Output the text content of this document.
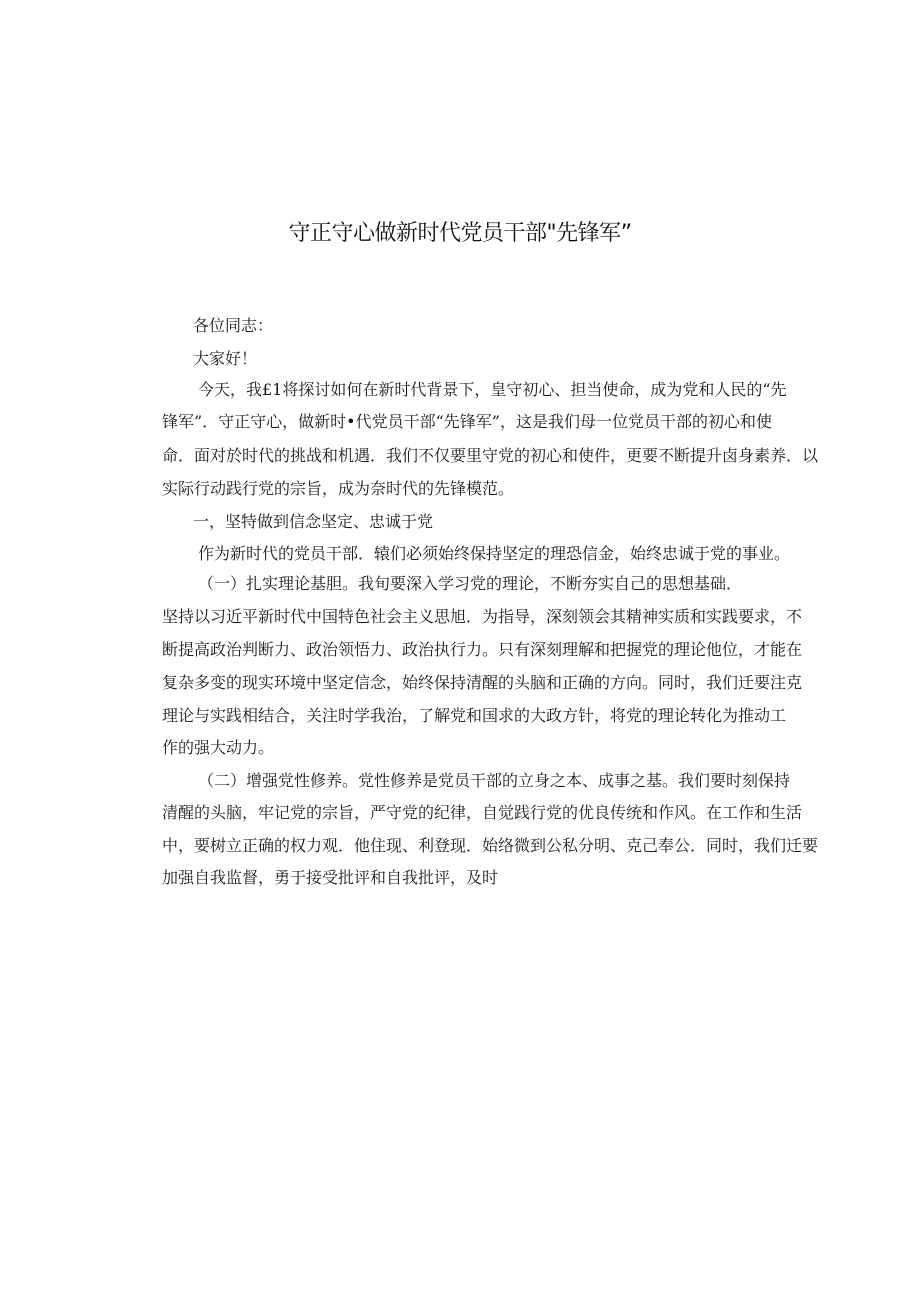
守正守心做新时代党员干部"先锋军”
各位同志：
大家好！
今天，我£1将探讨如何在新时代背景下，皇守初心、担当使命，成为党和人民的“先
锋军”．守正守心，做新时•代党员干部“先锋军”，这是我们母一位党员干部的初心和使
命．面对於时代的挑战和机遇．我们不仅要里守党的初心和使件，更要不断提升卤身素养．以
实际行动践行党的宗旨，成为奈时代的先锋模范。
一，坚特做到信念坚定、忠诚于党
作为新时代的党员干部．辕们必须始终保持坚定的理恐信金，始终忠诚于党的事业。
（一）扎实理论基胆。我旬要深入学习党的理论，不断夯实自己的思想基础．
坚持以习近平新时代中国特色社会主义思旭．为指导，深刻领会其精神实质和实践要求，不
断提高政治判断力、政治领悟力、政治执行力。只有深刻理解和把握党的理论他位，才能在
复杂多变的现实环境中坚定信念，始终保持清醒的头脑和正确的方向。同时，我们迁要注克
理论与实践相结合，关注时学我治，了解党和国求的大政方针，将党的理论转化为推动工
作的强大动力。
（二）增强党性修养。党性修养是党员干部的立身之本、成事之基。我们要时刻保持
清醒的头脑，牢记党的宗旨，严守党的纪律，自觉践行党的优良传统和作风。在工作和生活
中，要树立正确的权力观．他住现、利登现．始络微到公私分明、克己奉公．同时，我们迁要
加强自我监督，勇于接受批评和自我批评，及时
